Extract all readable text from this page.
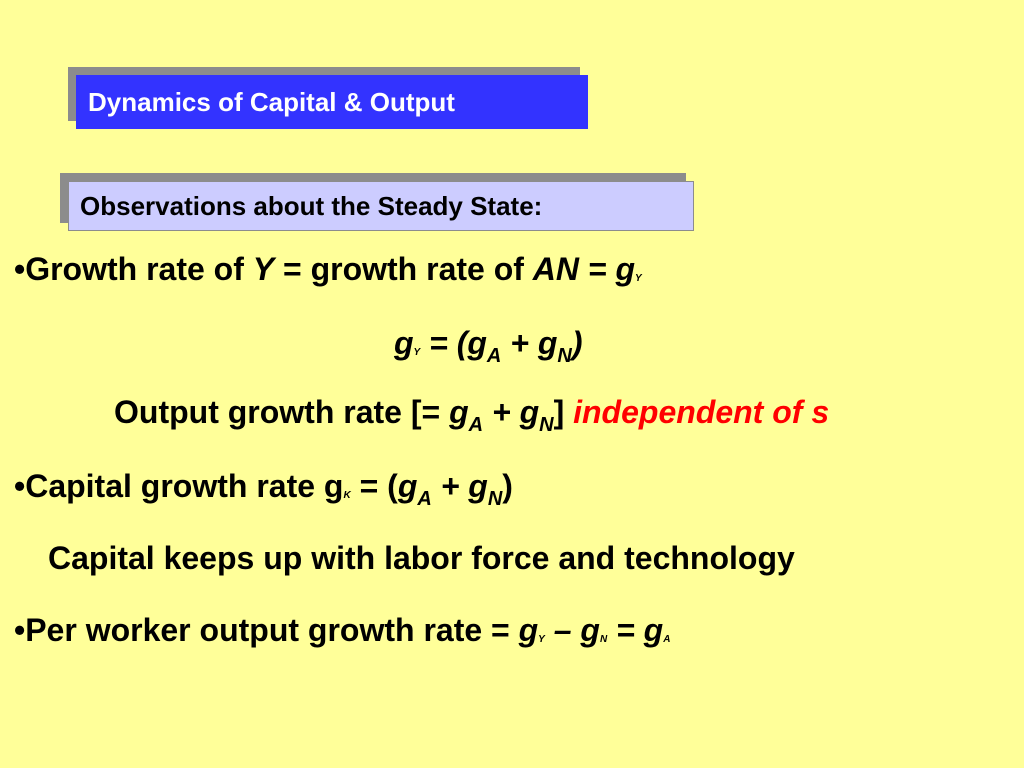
Dynamics of Capital & Output
Observations about the Steady State:
•Growth rate of Y = growth rate of AN = gY
gY = $(g_A + g_N)$
Output growth rate [= $g_A + g_N$] independent of s
•Capital growth rate gK = $(g_A + g_N)$
Capital keeps up with labor force and technology
•Per worker output growth rate = gY – gN = gA
